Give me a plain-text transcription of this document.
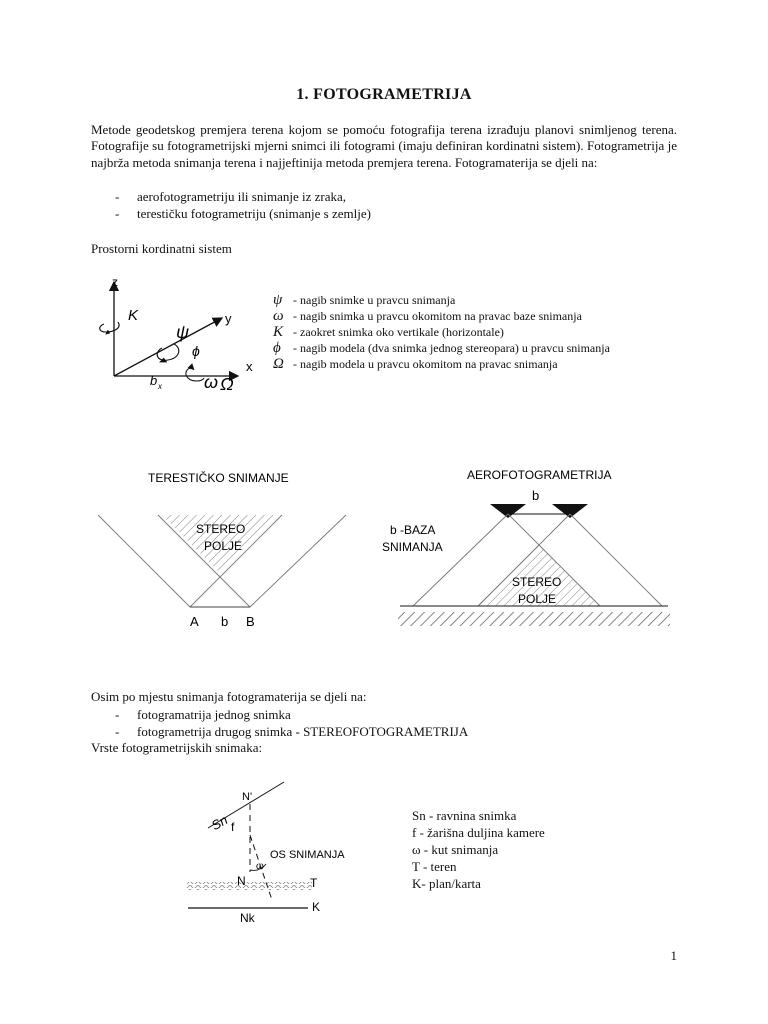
1. FOTOGRAMETRIJA
Metode geodetskog premjera terena kojom se pomoću fotografija terena izrađuju planovi snimljenog terena. Fotografije su fotogrametrijski mjerni snimci ili fotogrami (imaju definiran kordinatni sistem). Fotogrametrija je najbrža metoda snimanja terena i najjeftinija metoda premjera terena. Fotogramaterija se djeli na:
- aerofotogrametriju ili snimanje iz zraka,
- terestičku fotogrametriju (snimanje s zemlje)
Prostorni kordinatni sistem
z
y
x
K
ψ
ϕ
b x ω Ω
ψ - nagib snimke u pravcu snimanja
ω - nagib snimka u pravcu okomitom na pravac baze snimanja
K - zaokret snimka oko vertikale (horizontale)
ϕ - nagib modela (dva snimka jednog stereopara) u pravcu snimanja
Ω - nagib modela u pravcu okomitom na pravac snimanja
TERESTIČKO SNIMANJE
STEREO
POLJE
A b B
AEROFOTOGRAMETRIJA
b
b -BAZA
SNIMANJA
STEREO
POLJE
Osim po mjestu snimanja fotogramaterija se djeli na:
- fotogramatrija jednog snimka
- fotogrametrija drugog snimka - STEREOFOTOGRAMETRIJA
Vrste fotogrametrijskih snimaka:
Sn
N'
f
OS SNIMANJA
ω
N	T
K
Nk
Sn - ravnina snimka
f - žarišna duljina kamere
ω - kut snimanja
T - teren
K- plan/karta
1
